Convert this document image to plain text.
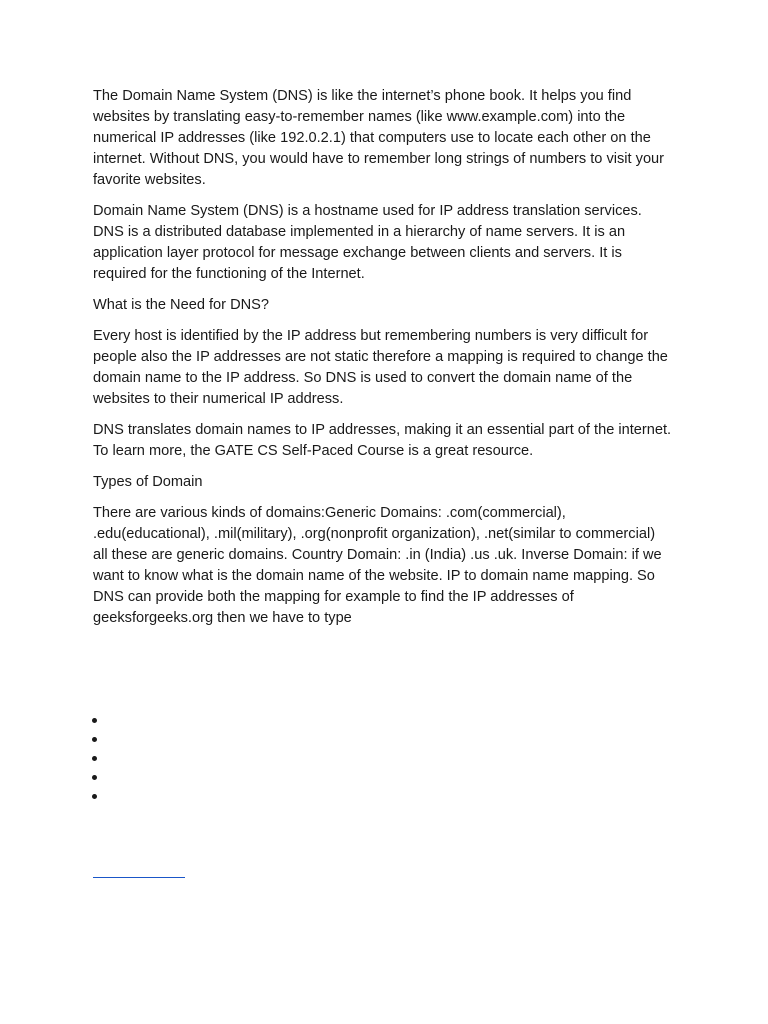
The Domain Name System (DNS) is like the internet’s phone book. It helps you find websites by translating easy-to-remember names (like www.example.com) into the numerical IP addresses (like 192.0.2.1) that computers use to locate each other on the internet. Without DNS, you would have to remember long strings of numbers to visit your favorite websites.

Domain Name System (DNS) is a hostname used for IP address translation services. DNS is a distributed database implemented in a hierarchy of name servers. It is an application layer protocol for message exchange between clients and servers. It is required for the functioning of the Internet.

What is the Need for DNS?

Every host is identified by the IP address but remembering numbers is very difficult for people also the IP addresses are not static therefore a mapping is required to change the domain name to the IP address. So DNS is used to convert the domain name of the websites to their numerical IP address.

DNS translates domain names to IP addresses, making it an essential part of the internet. To learn more, the GATE CS Self-Paced Course is a great resource.

Types of Domain

There are various kinds of domains:Generic Domains: .com(commercial), .edu(educational), .mil(military), .org(nonprofit organization), .net(similar to commercial) all these are generic domains. Country Domain: .in (India) .us .uk. Inverse Domain: if we want to know what is the domain name of the website. IP to domain name mapping. So DNS can provide both the mapping for example to find the IP addresses of geeksforgeeks.org then we have to type
